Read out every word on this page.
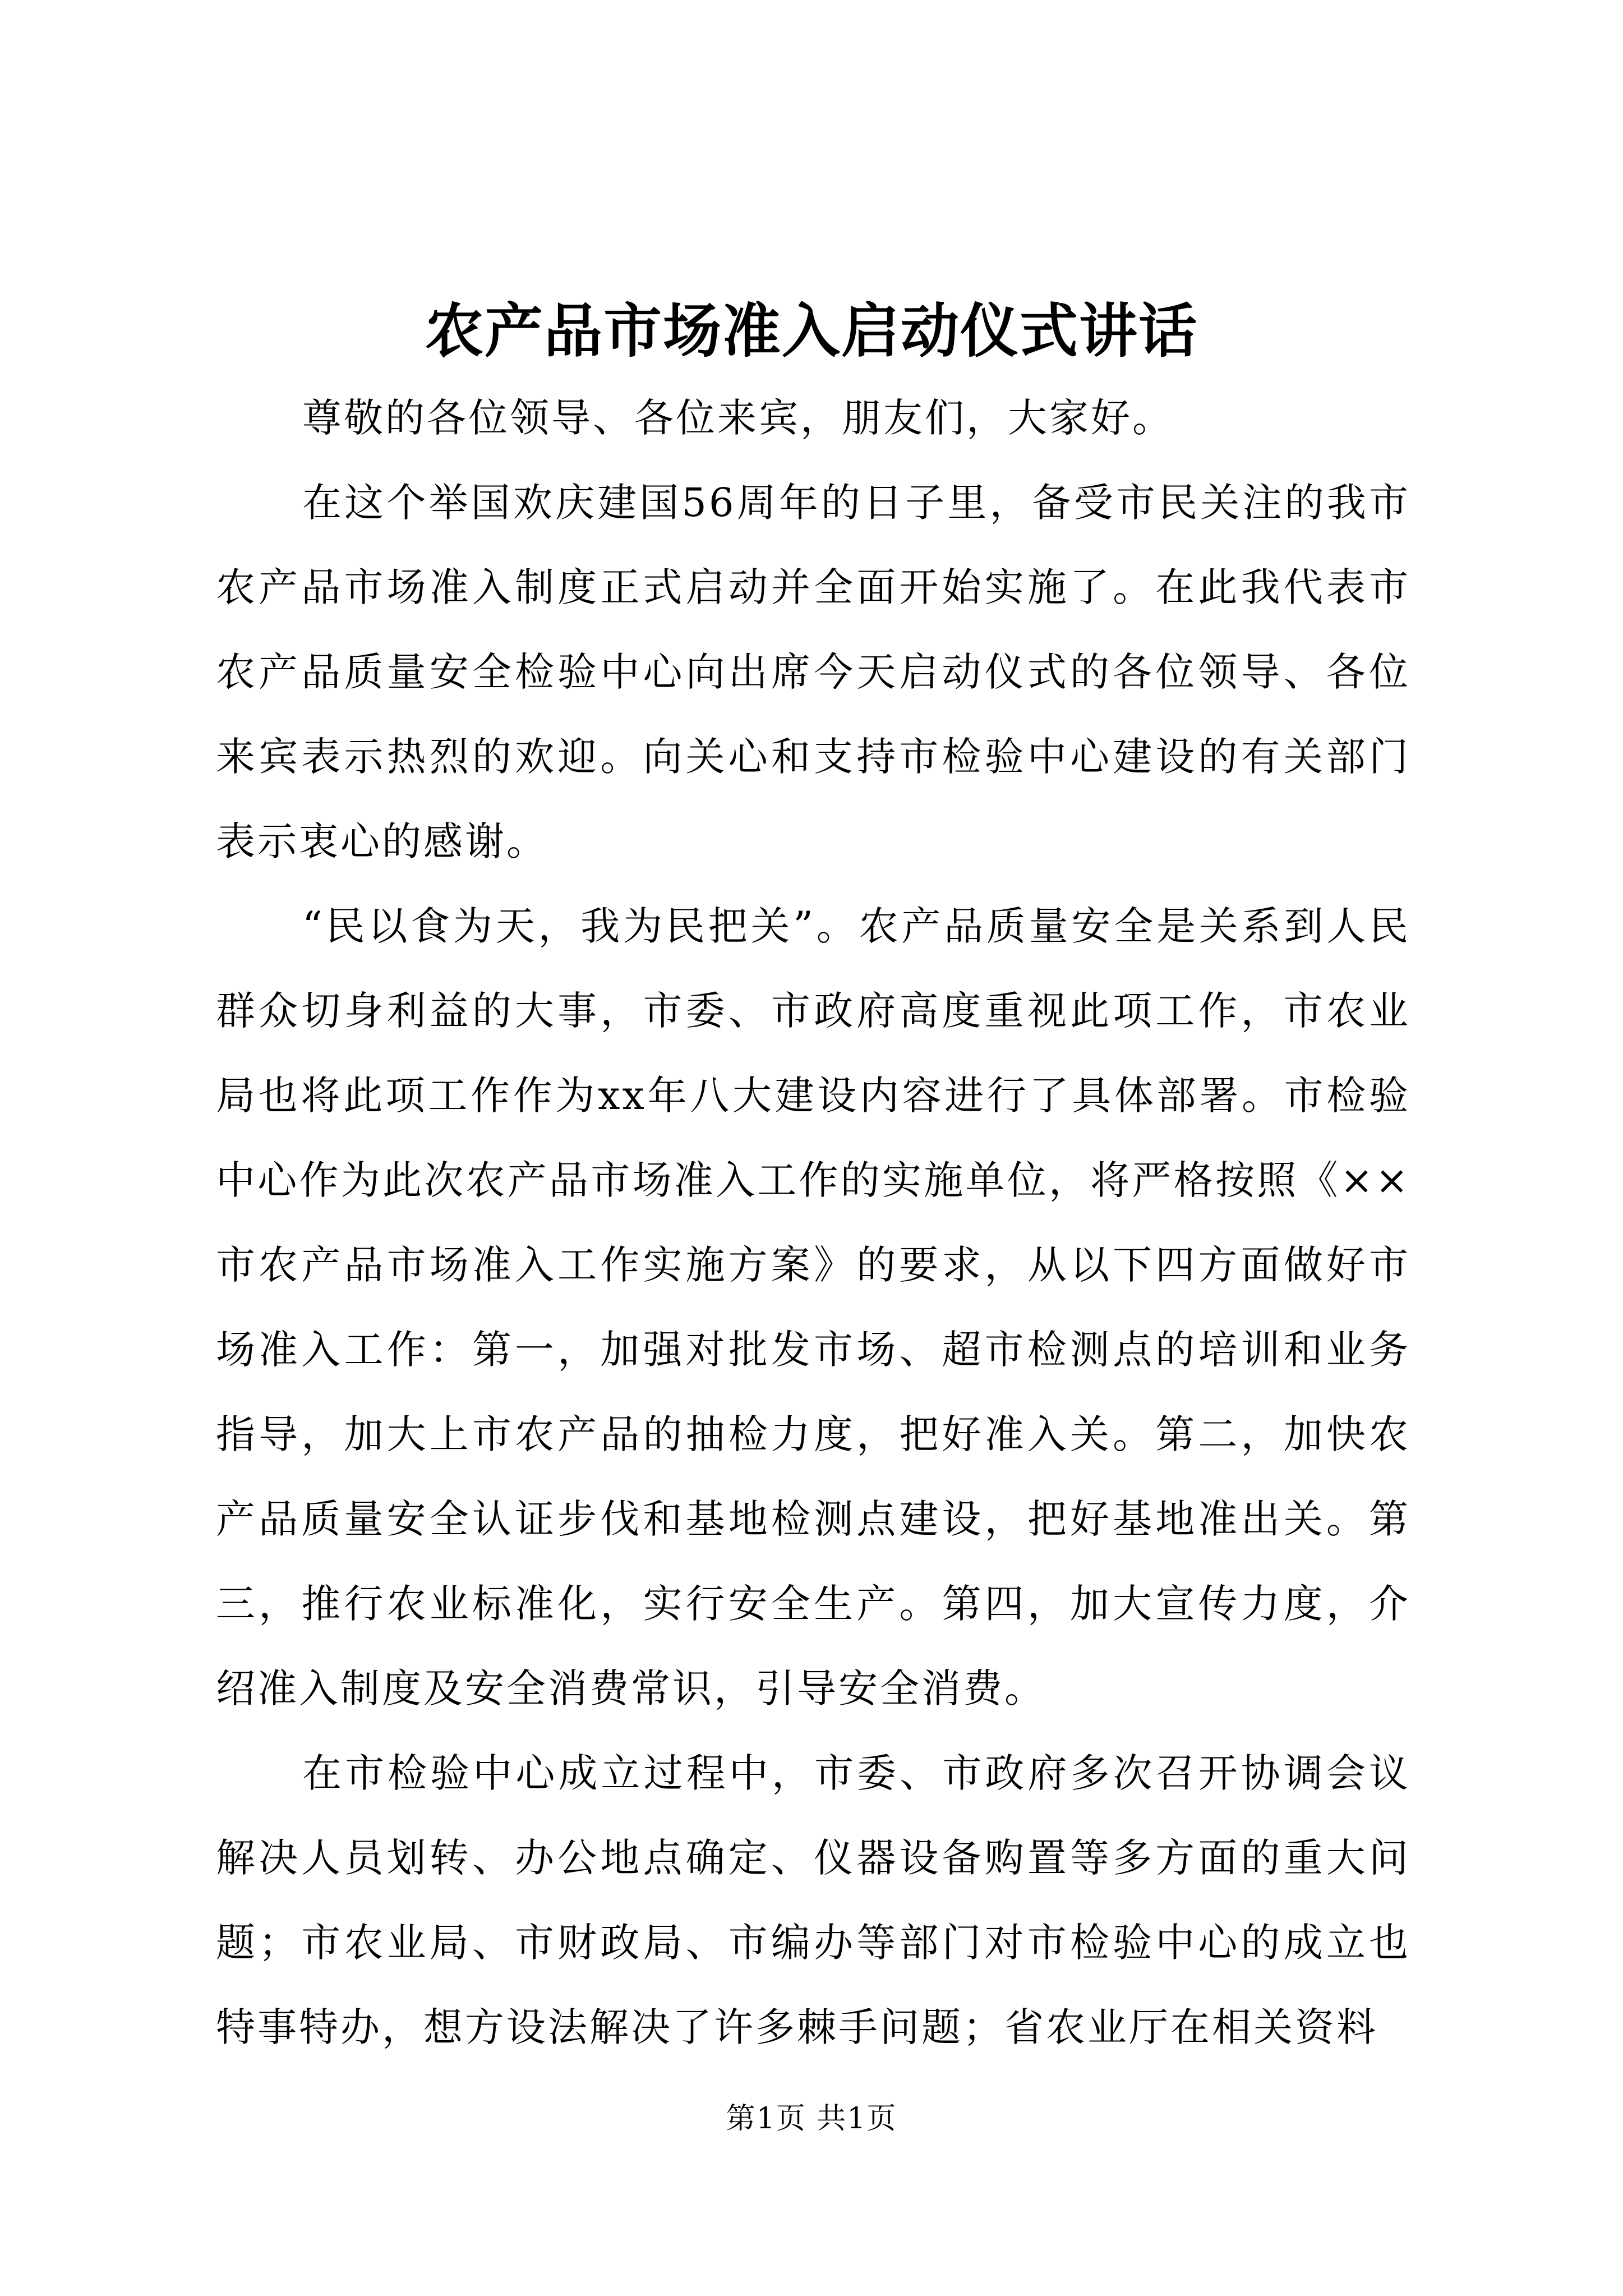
农产品市场准入启动仪式讲话

尊敬的各位领导、各位来宾，朋友们，大家好。

在这个举国欢庆建国56周年的日子里，备受市民关注的我市农产品市场准入制度正式启动并全面开始实施了。在此我代表市农产品质量安全检验中心向出席今天启动仪式的各位领导、各位来宾表示热烈的欢迎。向关心和支持市检验中心建设的有关部门表示衷心的感谢。

“民以食为天，我为民把关”。农产品质量安全是关系到人民群众切身利益的大事，市委、市政府高度重视此项工作，市农业局也将此项工作作为xx年八大建设内容进行了具体部署。市检验中心作为此次农产品市场准入工作的实施单位，将严格按照《××市农产品市场准入工作实施方案》的要求，从以下四方面做好市场准入工作：第一，加强对批发市场、超市检测点的培训和业务指导，加大上市农产品的抽检力度，把好准入关。第二，加快农产品质量安全认证步伐和基地检测点建设，把好基地准出关。第三，推行农业标准化，实行安全生产。第四，加大宣传力度，介绍准入制度及安全消费常识，引导安全消费。

在市检验中心成立过程中，市委、市政府多次召开协调会议解决人员划转、办公地点确定、仪器设备购置等多方面的重大问题；市农业局、市财政局、市编办等部门对市检验中心的成立也特事特办，想方设法解决了许多棘手问题；省农业厅在相关资料

第1页 共1页
